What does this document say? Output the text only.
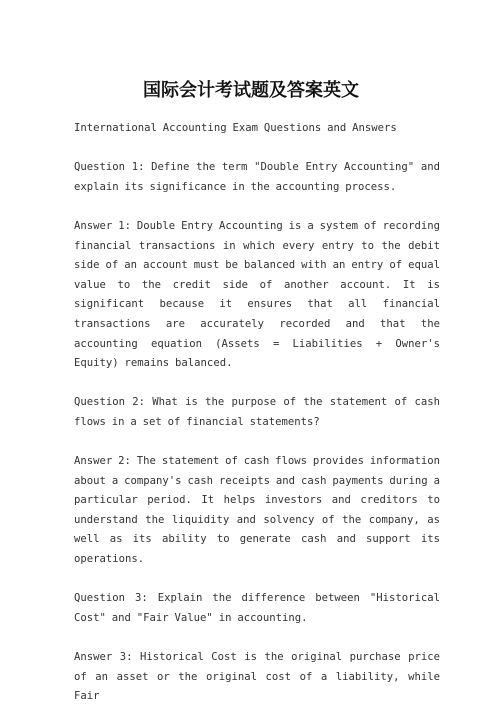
国际会计考试题及答案英文

International Accounting Exam Questions and Answers

Question 1: Define the term "Double Entry Accounting" and explain its significance in the accounting process.

Answer 1: Double Entry Accounting is a system of recording financial transactions in which every entry to the debit side of an account must be balanced with an entry of equal value to the credit side of another account. It is significant because it ensures that all financial transactions are accurately recorded and that the accounting equation (Assets = Liabilities + Owner's Equity) remains balanced.

Question 2: What is the purpose of the statement of cash flows in a set of financial statements?

Answer 2: The statement of cash flows provides information about a company's cash receipts and cash payments during a particular period. It helps investors and creditors to understand the liquidity and solvency of the company, as well as its ability to generate cash and support its operations.

Question 3: Explain the difference between "Historical Cost" and "Fair Value" in accounting.

Answer 3: Historical Cost is the original purchase price of an asset or the original cost of a liability, while Fair
